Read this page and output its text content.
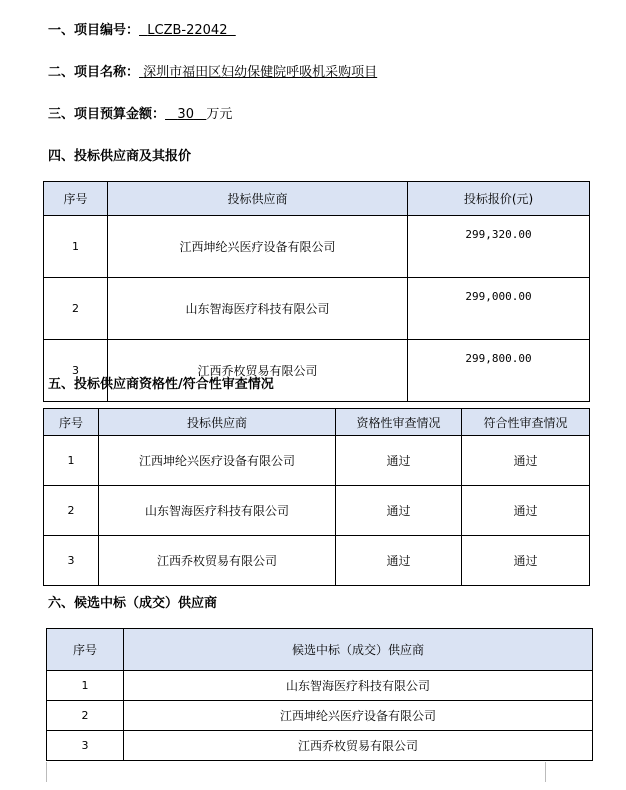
一、项目编号： LCZB-22042
二、项目名称： 深圳市福田区妇幼保健院呼吸机采购项目
三、项目预算金额： 30 万元
四、投标供应商及其报价
序号	投标供应商	投标报价(元)
1	江西坤纶兴医疗设备有限公司	299,320.00
2	山东智海医疗科技有限公司	299,000.00
3	江西乔枚贸易有限公司	299,800.00
五、投标供应商资格性/符合性审查情况
序号	投标供应商	资格性审查情况	符合性审查情况
1	江西坤纶兴医疗设备有限公司	通过	通过
2	山东智海医疗科技有限公司	通过	通过
3	江西乔枚贸易有限公司	通过	通过
六、候选中标（成交）供应商
序号	候选中标（成交）供应商
1	山东智海医疗科技有限公司
2	江西坤纶兴医疗设备有限公司
3	江西乔枚贸易有限公司
